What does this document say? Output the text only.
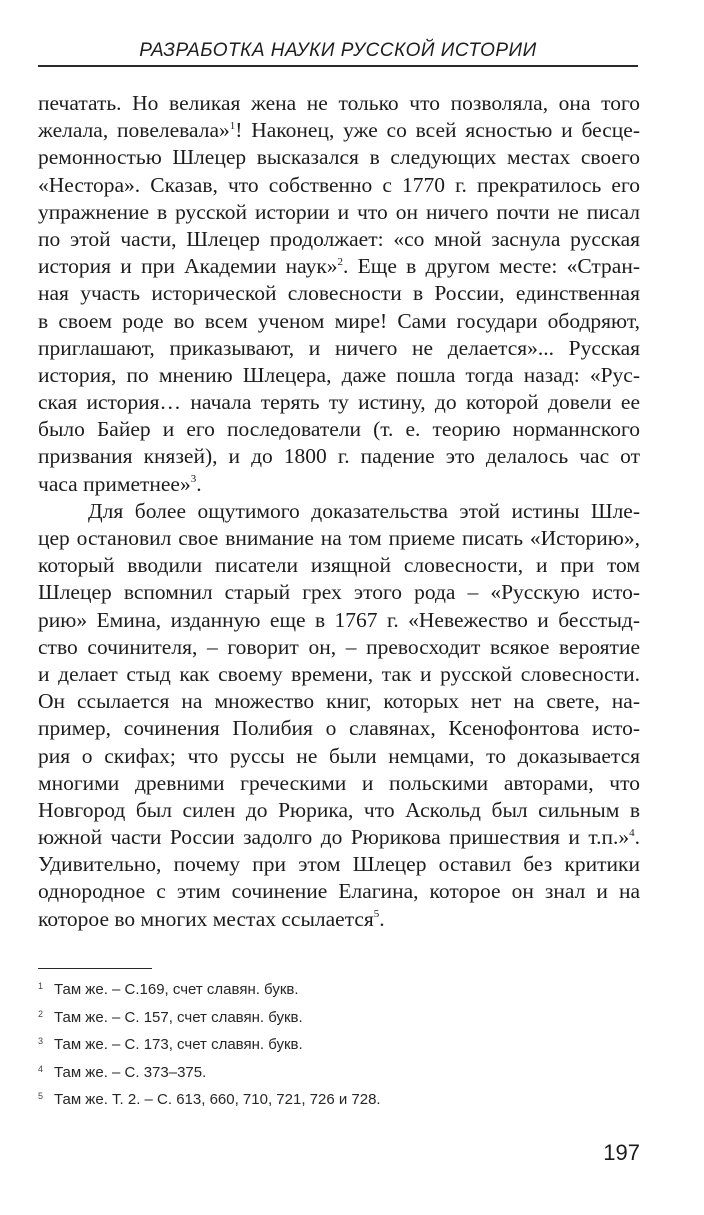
РАЗРАБОТКА НАУКИ РУССКОЙ ИСТОРИИ
печатать. Но великая жена не только что позволяла, она того
желала, повелевала»$^1$! Наконец, уже со всей ясностью и бесце-
ремонностью Шлецер высказался в следующих местах своего
«Нестора». Сказав, что собственно с 1770 г. прекратилось его
упражнение в русской истории и что он ничего почти не писал
по этой части, Шлецер продолжает: «со мной заснула русская
история и при Академии наук»$^2$. Еще в другом месте: «Стран-
ная участь исторической словесности в России, единственная
в своем роде во всем ученом мире! Сами государи ободряют,
приглашают, приказывают, и ничего не делается»... Русская
история, по мнению Шлецера, даже пошла тогда назад: «Рус-
ская история… начала терять ту истину, до которой довели ее
было Байер и его последователи (т. е. теорию норманнского
призвания князей), и до 1800 г. падение это делалось час от
часа приметнее»$^3$.
Для более ощутимого доказательства этой истины Шле-
цер остановил свое внимание на том приеме писать «Историю»,
который вводили писатели изящной словесности, и при том
Шлецер вспомнил старый грех этого рода – «Русскую исто-
рию» Емина, изданную еще в 1767 г. «Невежество и бесстыд-
ство сочинителя, – говорит он, – превосходит всякое вероятие
и делает стыд как своему времени, так и русской словесности.
Он ссылается на множество книг, которых нет на свете, на-
пример, сочинения Полибия о славянах, Ксенофонтова исто-
рия о скифах; что руссы не были немцами, то доказывается
многими древними греческими и польскими авторами, что
Новгород был силен до Рюрика, что Аскольд был сильным в
южной части России задолго до Рюрикова пришествия и т.п.»$^4$.
Удивительно, почему при этом Шлецер оставил без критики
однородное с этим сочинение Елагина, которое он знал и на
которое во многих местах ссылается$^5$.
1 Там же. – С.169, счет славян. букв.
2 Там же. – С. 157, счет славян. букв.
3 Там же. – С. 173, счет славян. букв.
4 Там же. – С. 373–375.
5 Там же. Т. 2. – С. 613, 660, 710, 721, 726 и 728.
197
